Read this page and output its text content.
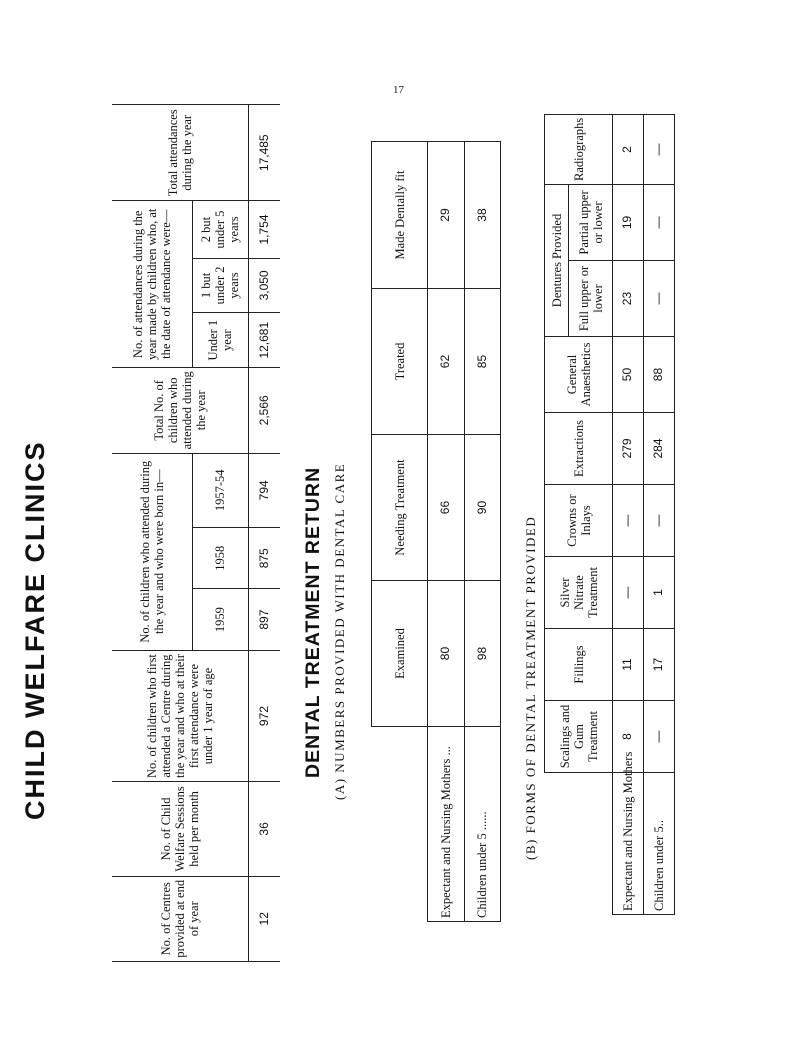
17
CHILD WELFARE CLINICS
No. of Centres provided at end of year	No. of Child Welfare Sessions held per month	No. of children who first attended a Centre during the year and who at their first attendance were under 1 year of age	No. of children who attended during the year and who were born in—			Total No. of children who attended during the year	No. of attendances during the year made by children who, at the date of attendance were—			Total attendances during the year
			1959	1958	1957-54		Under 1 year	1 but under 2 years	2 but under 5 years	
12	36	972	897	875	794	2,566	12,681	3,050	1,754	17,485
DENTAL TREATMENT RETURN (A) NUMBERS PROVIDED WITH DENTAL CARE
		Examined	Needing Treatment	Treated	Made Dentally fit
Expectant and Nursing Mothers ...	80	66	62	29
Children under 5 ......	98	90	85	38
(B) FORMS OF DENTAL TREATMENT PROVIDED
	Scalings and Gum Treatment	Fillings	Silver Nitrate Treatment	Crowns or Inlays	Extractions	General Anaesthetics	Dentures Provided		Radiographs
							Full upper or lower	Partial upper or lower	
Expectant and Nursing Mothers	8	11	—	—	279	50	23	19	2
Children under 5..	—	17	1	—	284	88	—	—	—
